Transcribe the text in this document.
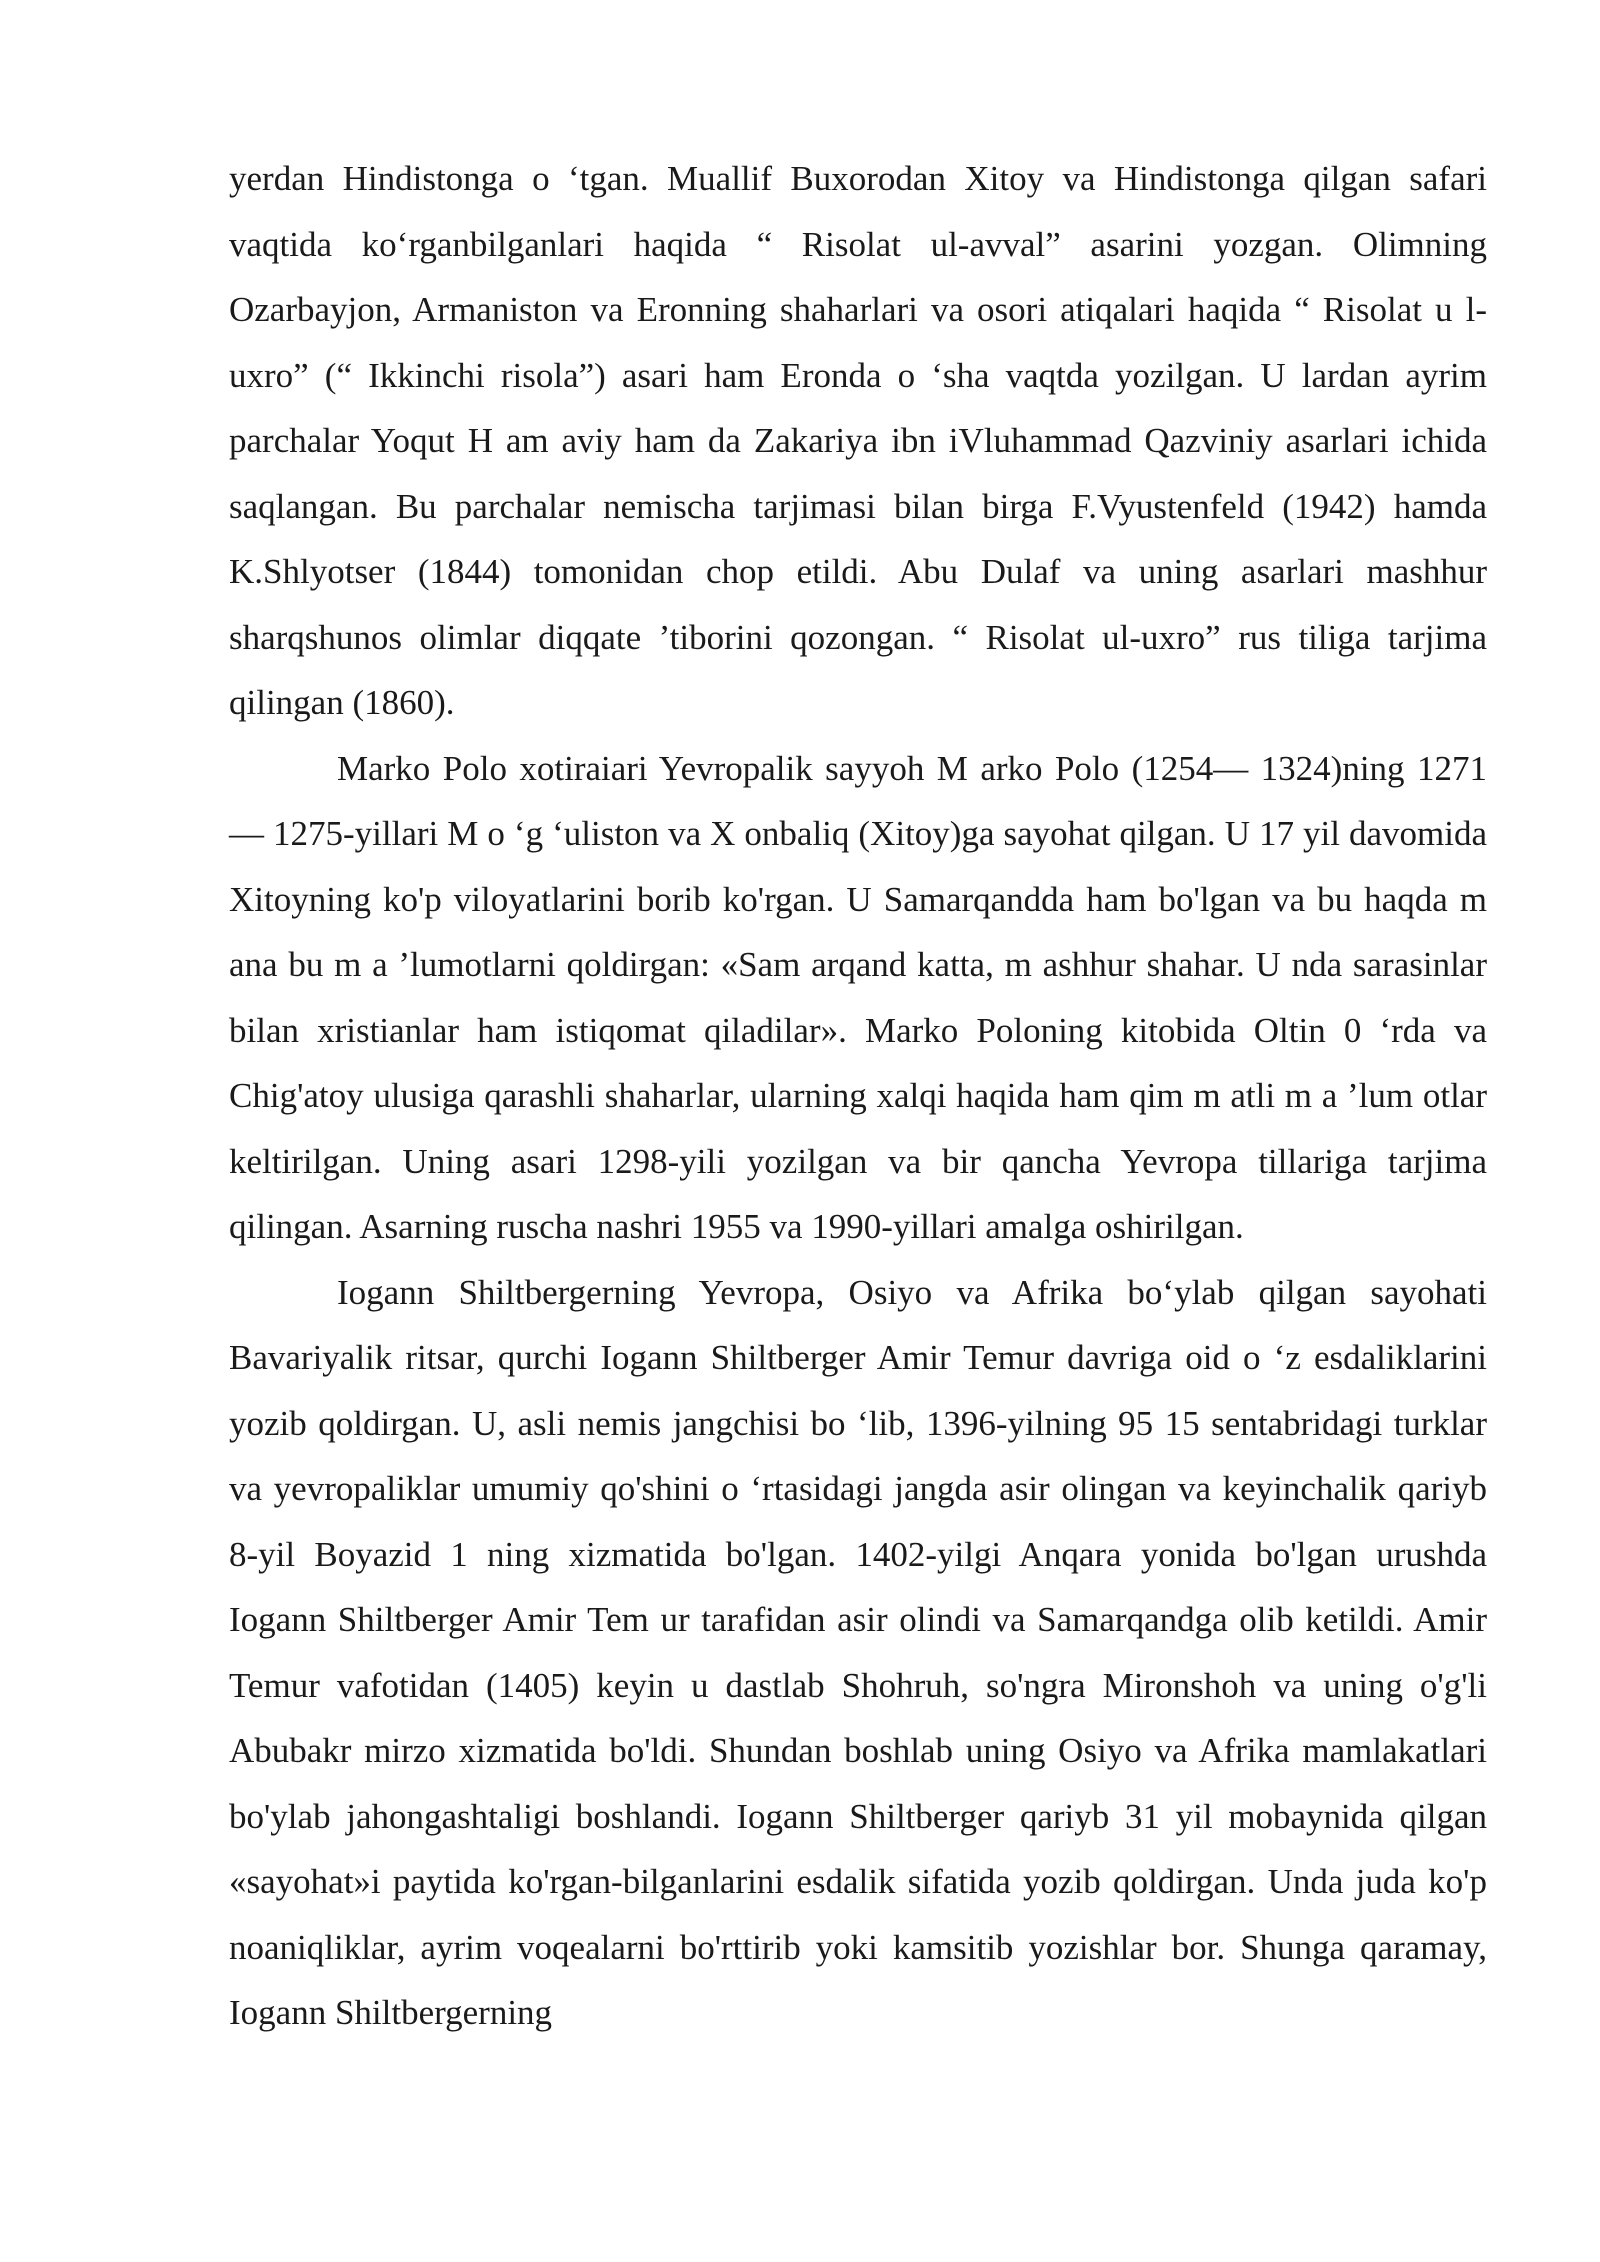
yerdan Hindistonga o ‘tgan. Muallif Buxorodan Xitoy va Hindistonga qilgan safari vaqtida ko‘rganbilganlari haqida “ Risolat ul-avval” asarini yozgan. Olimning Ozarbayjon, Armaniston va Eronning shaharlari va osori atiqalari haqida “ Risolat u l-uxro” (“ Ikkinchi risola”) asari ham Eronda o ‘sha vaqtda yozilgan. U lardan ayrim parchalar Yoqut H am aviy ham da Zakariya ibn iVluhammad Qazviniy asarlari ichida saqlangan. Bu parchalar nemischa tarjimasi bilan birga F.Vyustenfeld (1942) hamda K.Shlyotser (1844) tomonidan chop etildi. Abu Dulaf va uning asarlari mashhur sharqshunos olimlar diqqate ’tiborini qozongan. “ Risolat ul-uxro” rus tiliga tarjima qilingan (1860).

Marko Polo xotiraiari Yevropalik sayyoh M arko Polo (1254— 1324)ning 1271 — 1275-yillari M o ‘g ‘uliston va X onbaliq (Xitoy)ga sayohat qilgan. U 17 yil davomida Xitoyning ko'p viloyatlarini borib ko'rgan. U Samarqandda ham bo'lgan va bu haqda m ana bu m a ’lumotlarni qoldirgan: «Sam arqand katta, m ashhur shahar. U nda sarasinlar bilan xristianlar ham istiqomat qiladilar». Marko Poloning kitobida Oltin 0 ‘rda va Chig'atoy ulusiga qarashli shaharlar, ularning xalqi haqida ham qim m atli m a ’lum otlar keltirilgan. Uning asari 1298-yili yozilgan va bir qancha Yevropa tillariga tarjima qilingan. Asarning ruscha nashri 1955 va 1990-yillari amalga oshirilgan.

Iogann Shiltbergerning Yevropa, Osiyo va Afrika bo‘ylab qilgan sayohati Bavariyalik ritsar, qurchi Iogann Shiltberger Amir Temur davriga oid o ‘z esdaliklarini yozib qoldirgan. U, asli nemis jangchisi bo ‘lib, 1396-yilning 95 15 sentabridagi turklar va yevropaliklar umumiy qo'shini o ‘rtasidagi jangda asir olingan va keyinchalik qariyb 8-yil Boyazid 1 ning xizmatida bo'lgan. 1402-yilgi Anqara yonida bo'lgan urushda Iogann Shiltberger Amir Tem ur tarafidan asir olindi va Samarqandga olib ketildi. Amir Temur vafotidan (1405) keyin u dastlab Shohruh, so'ngra Mironshoh va uning o'g'li Abubakr mirzo xizmatida bo'ldi. Shundan boshlab uning Osiyo va Afrika mamlakatlari bo'ylab jahongashtaligi boshlandi. Iogann Shiltberger qariyb 31 yil mobaynida qilgan «sayohat»i paytida ko'rgan-bilganlarini esdalik sifatida yozib qoldirgan. Unda juda ko'p noaniqliklar, ayrim voqealarni bo'rttirib yoki kamsitib yozishlar bor. Shunga qaramay, Iogann Shiltbergerning
